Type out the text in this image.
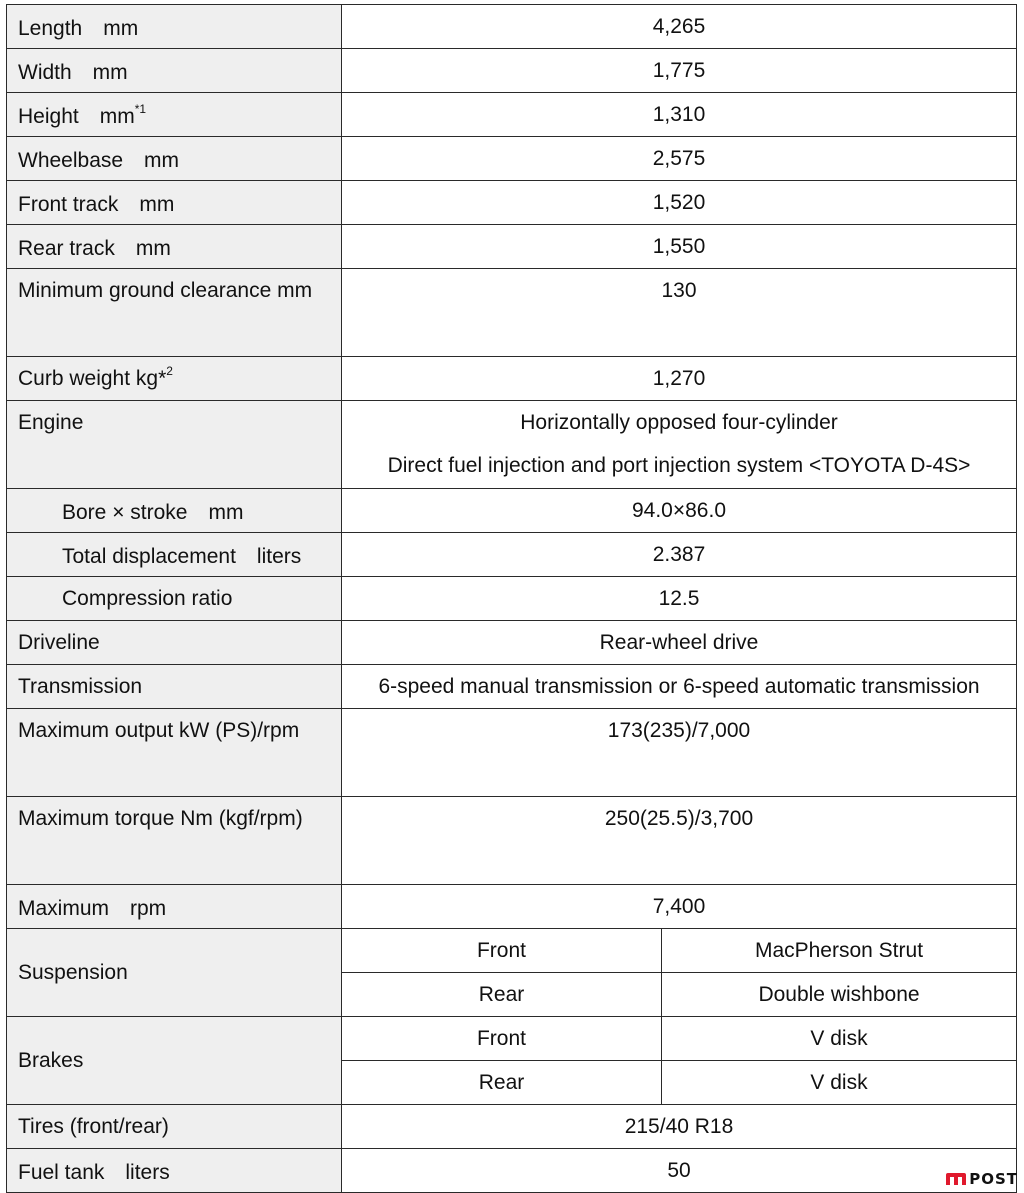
Length　mm	4,265	
Width　mm	1,775	
Height　$mm^{*1}$	1,310	
Wheelbase　mm	2,575	
Front track　mm	1,520	
Rear track　mm	1,550	
Minimum ground clearance mm	130	
Curb weight kg*$^2$	1,270	
Engine	Horizontally opposed four-cylinder
Direct fuel injection and port injection system <TOYOTA D-4S>	

Bore × stroke　mm	94.0×86.0	
Total displacement　liters	2.387	
Compression ratio	12.5	
Driveline	Rear-wheel drive	
Transmission	6-speed manual transmission or 6-speed automatic transmission	
Maximum output kW (PS)/rpm	173(235)/7,000	
Maximum torque Nm (kgf/rpm)	250(25.5)/3,700	
Maximum　rpm	7,400	
Suspension	Front	MacPherson Strut
	Rear	Double wishbone
Brakes	Front	V disk
	Rear	V disk
Tires (front/rear)	215/40 R18	
Fuel tank　liters	50		POST
